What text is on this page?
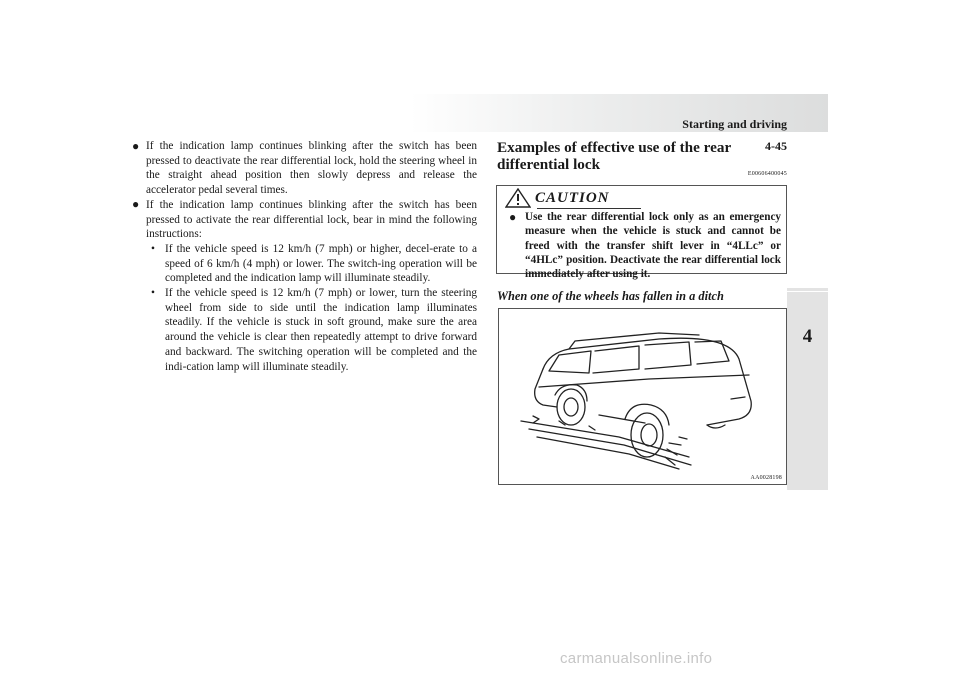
Starting and driving
4-45
4

● If the indication lamp continues blinking after the switch has been pressed to deactivate the rear differential lock, hold the steering wheel in the straight ahead position then slowly depress and release the accelerator pedal several times.

● If the indication lamp continues blinking after the switch has been pressed to activate the rear differential lock, bear in mind the following instructions:

• If the vehicle speed is 12 km/h (7 mph) or higher, decel-erate to a speed of 6 km/h (4 mph) or lower. The switch-ing operation will be completed and the indication lamp will illuminate steadily.

• If the vehicle speed is 12 km/h (7 mph) or lower, turn the steering wheel from side to side until the indication lamp illuminates steadily. If the vehicle is stuck in soft ground, make sure the area around the vehicle is clear then repeatedly attempt to drive forward and backward. The switching operation will be completed and the indi-cation lamp will illuminate steadily.

Examples of effective use of the rear differential lock
E00606400045
CAUTION

● Use the rear differential lock only as an emergency measure when the vehicle is stuck and cannot be freed with the transfer shift lever in “4LLc” or “4HLc” position. Deactivate the rear differential lock immediately after using it.

When one of the wheels has fallen in a ditch
AA0028198
carmanualsonline.info
